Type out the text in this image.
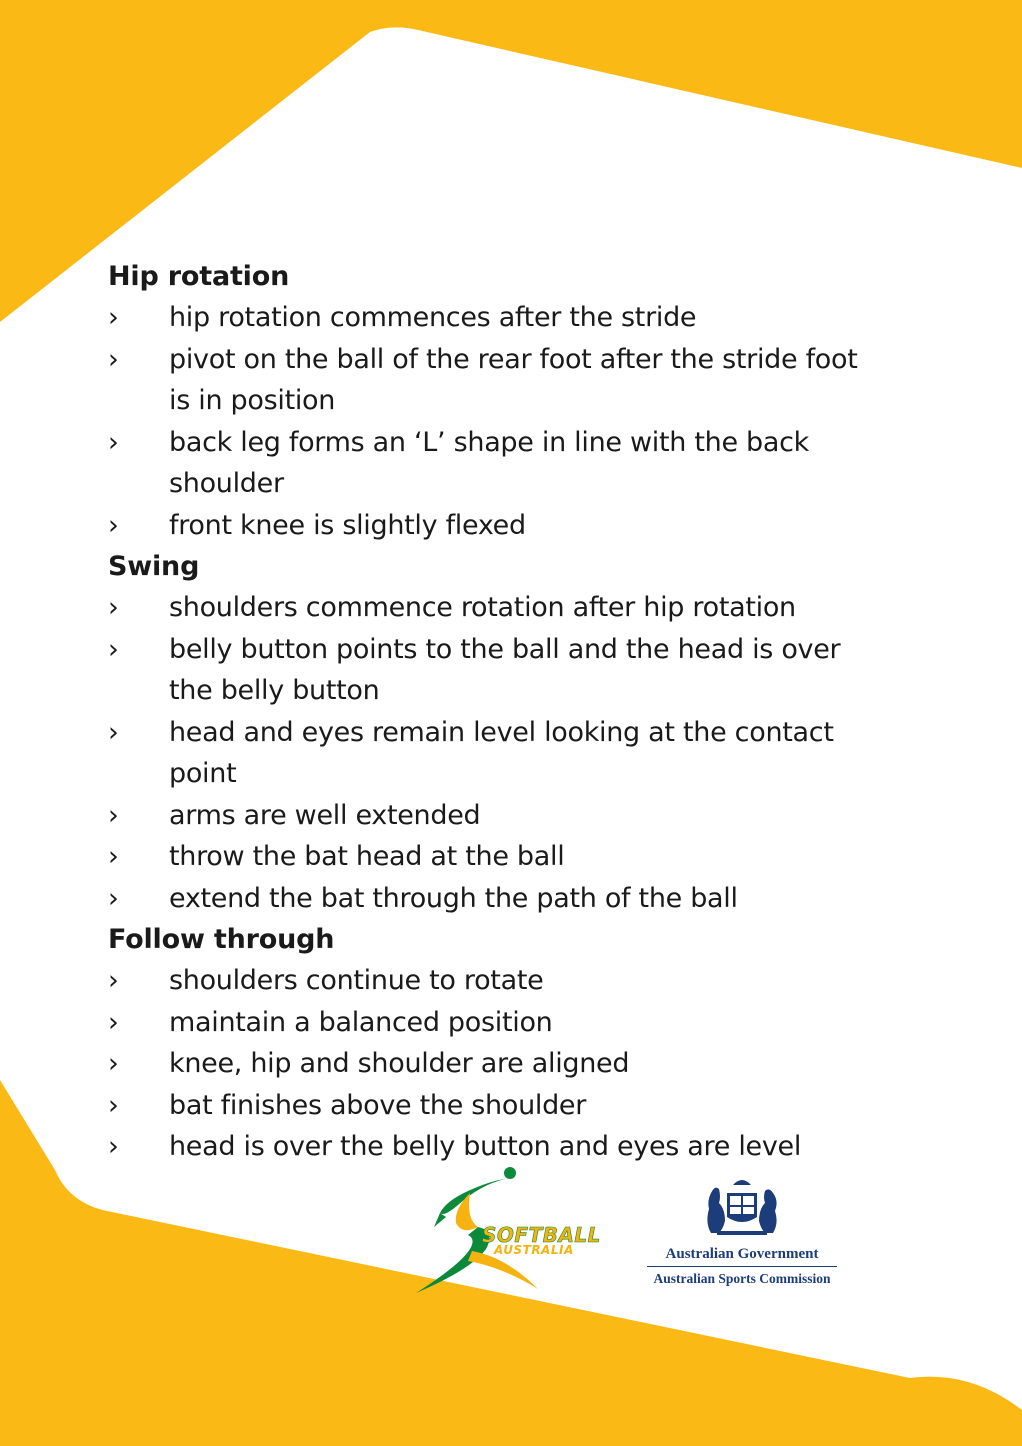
Hip rotation
› hip rotation commences after the stride
› pivot on the ball of the rear foot after the stride foot
is in position
› back leg forms an ‘L’ shape in line with the back
shoulder
› front knee is slightly flexed
Swing
› shoulders commence rotation after hip rotation
› belly button points to the ball and the head is over
the belly button
› head and eyes remain level looking at the contact
point
› arms are well extended
› throw the bat head at the ball
› extend the bat through the path of the ball
Follow through
› shoulders continue to rotate
› maintain a balanced position
› knee, hip and shoulder are aligned
› bat finishes above the shoulder
› head is over the belly button and eyes are level
SOFTBALL
AUSTRALIA	Australian Government
Australian Sports Commission
